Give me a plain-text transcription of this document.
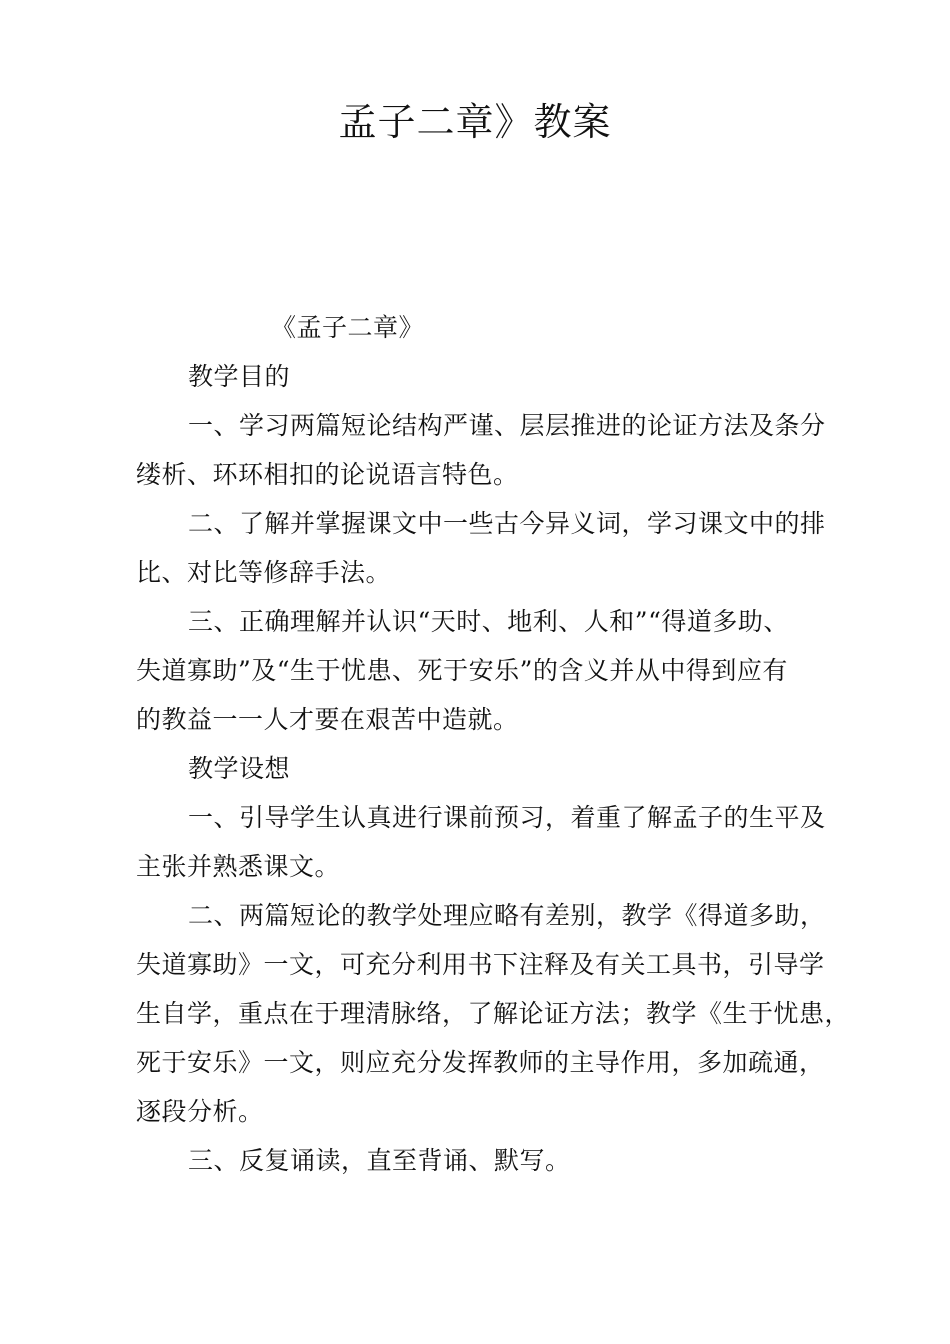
孟子二章》教案

《孟子二章》

教学目的

一、学习两篇短论结构严谨、层层推进的论证方法及条分

缕析、环环相扣的论说语言特色。

二、了解并掌握课文中一些古今异义词，学习课文中的排

比、对比等修辞手法。

三、正确理解并认识“天时、地利、人和”“得道多助、

失道寡助”及“生于忧患、死于安乐”的含义并从中得到应有

的教益一一人才要在艰苦中造就。

教学设想

一、引导学生认真进行课前预习，着重了解孟子的生平及

主张并熟悉课文。

二、两篇短论的教学处理应略有差别，教学《得道多助，

失道寡助》一文，可充分利用书下注释及有关工具书，引导学

生自学，重点在于理清脉络，了解论证方法；教学《生于忧患，

死于安乐》一文，则应充分发挥教师的主导作用，多加疏通，

逐段分析。

三、反复诵读，直至背诵、默写。
